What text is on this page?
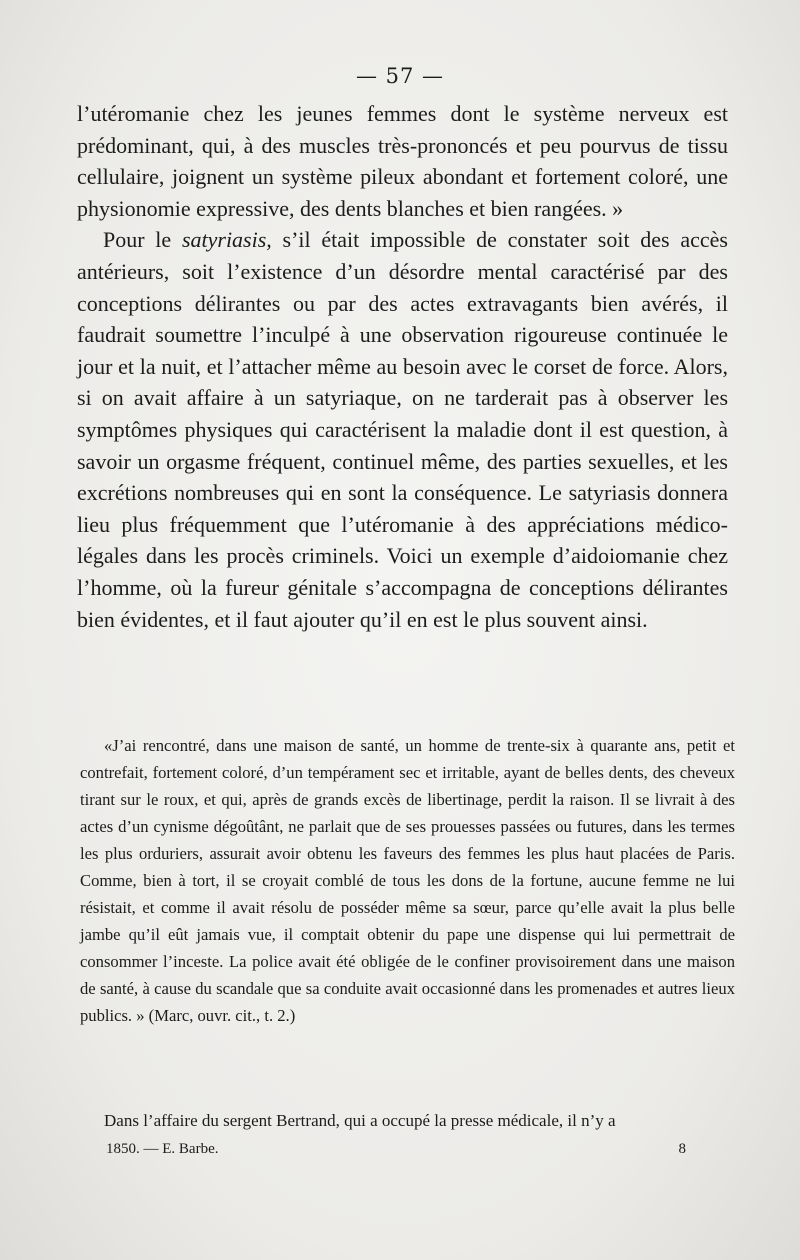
— 57 —

l’utéromanie chez les jeunes femmes dont le système nerveux est prédominant, qui, à des muscles très-prononcés et peu pourvus de tissu cellulaire, joignent un système pileux abondant et fortement coloré, une physionomie expressive, des dents blanches et bien rangées. »

Pour le satyriasis, s’il était impossible de constater soit des accès antérieurs, soit l’existence d’un désordre mental caractérisé par des conceptions délirantes ou par des actes extravagants bien avérés, il faudrait soumettre l’inculpé à une observation rigoureuse continuée le jour et la nuit, et l’attacher même au besoin avec le corset de force. Alors, si on avait affaire à un satyriaque, on ne tarderait pas à observer les symptômes physiques qui caractérisent la maladie dont il est question, à savoir un orgasme fréquent, continuel même, des parties sexuelles, et les excrétions nombreuses qui en sont la conséquence. Le satyriasis donnera lieu plus fréquemment que l’utéromanie à des appréciations médico-légales dans les procès criminels. Voici un exemple d’aidoiomanie chez l’homme, où la fureur génitale s’accompagna de conceptions délirantes bien évidentes, et il faut ajouter qu’il en est le plus souvent ainsi.

«J’ai rencontré, dans une maison de santé, un homme de trente-six à quarante ans, petit et contrefait, fortement coloré, d’un tempérament sec et irritable, ayant de belles dents, des cheveux tirant sur le roux, et qui, après de grands excès de libertinage, perdit la raison. Il se livrait à des actes d’un cynisme dégoûtânt, ne parlait que de ses prouesses passées ou futures, dans les termes les plus orduriers, assurait avoir obtenu les faveurs des femmes les plus haut placées de Paris. Comme, bien à tort, il se croyait comblé de tous les dons de la fortune, aucune femme ne lui résistait, et comme il avait résolu de posséder même sa sœur, parce qu’elle avait la plus belle jambe qu’il eût jamais vue, il comptait obtenir du pape une dispense qui lui permettrait de consommer l’inceste. La police avait été obligée de le confiner provisoirement dans une maison de santé, à cause du scandale que sa conduite avait occasionné dans les promenades et autres lieux publics. » (Marc, ouvr. cit., t. 2.)

Dans l’affaire du sergent Bertrand, qui a occupé la presse médicale, il n’y a
1850. — E. Barbe.	8
